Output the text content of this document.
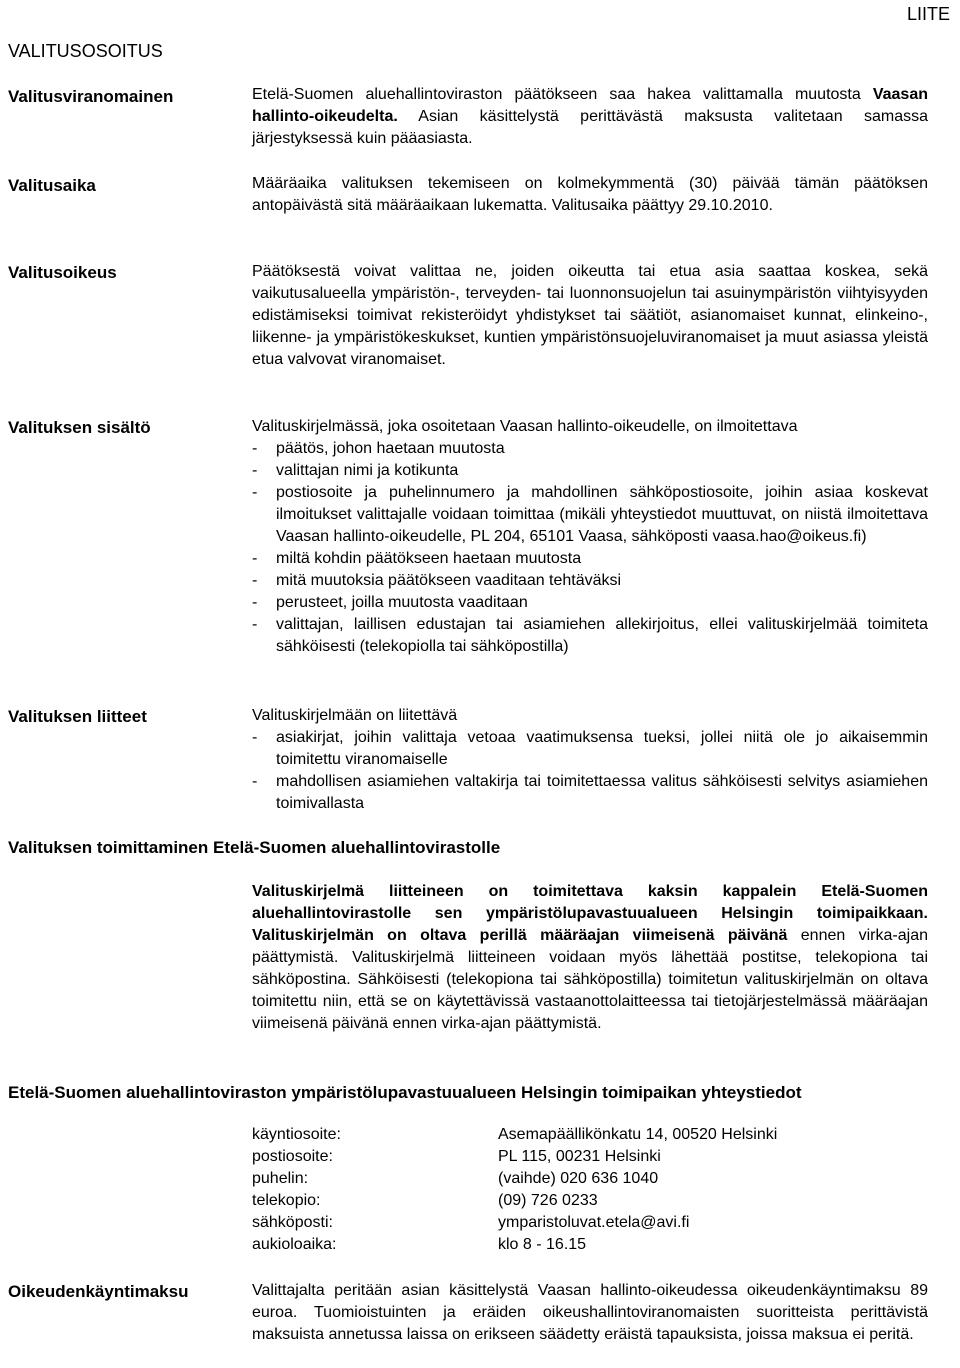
LIITE
VALITUSOSOITUS
Valitusviranomainen	Etelä-Suomen aluehallintoviraston päätökseen saa hakea valittamalla muutosta Vaasan hallinto-oikeudelta. Asian käsittelystä perittävästä maksusta valitetaan samassa järjestyksessä kuin pääasiasta.
Valitusaika	Määräaika valituksen tekemiseen on kolmekymmentä (30) päivää tämän päätöksen antopäivästä sitä määräaikaan lukematta. Valitusaika päättyy 29.10.2010.
Valitusoikeus	Päätöksestä voivat valittaa ne, joiden oikeutta tai etua asia saattaa koskea, sekä vaikutusalueella ympäristön-, terveyden- tai luonnonsuojelun tai asuinympäristön viihtyisyyden edistämiseksi toimivat rekisteröidyt yhdistykset tai säätiöt, asianomaiset kunnat, elinkeino-, liikenne- ja ympäristökeskukset, kuntien ympäristönsuojeluviranomaiset ja muut asiassa yleistä etua valvovat viranomaiset.
Valituksen sisältö	Valituskirjelmässä, joka osoitetaan Vaasan hallinto-oikeudelle, on ilmoitettava
- päätös, johon haetaan muutosta
- valittajan nimi ja kotikunta
- postiosoite ja puhelinnumero ja mahdollinen sähköpostiosoite, joihin asiaa koskevat ilmoitukset valittajalle voidaan toimittaa (mikäli yhteystiedot muuttuvat, on niistä ilmoitettava Vaasan hallinto-oikeudelle, PL 204, 65101 Vaasa, sähköposti vaasa.hao@oikeus.fi)
- miltä kohdin päätökseen haetaan muutosta
- mitä muutoksia päätökseen vaaditaan tehtäväksi
- perusteet, joilla muutosta vaaditaan
- valittajan, laillisen edustajan tai asiamiehen allekirjoitus, ellei valituskirjelmää toimiteta sähköisesti (telekopiolla tai sähköpostilla)
Valituksen liitteet	Valituskirjelmään on liitettävä
- asiakirjat, joihin valittaja vetoaa vaatimuksensa tueksi, jollei niitä ole jo aikaisemmin toimitettu viranomaiselle
- mahdollisen asiamiehen valtakirja tai toimitettaessa valitus sähköisesti selvitys asiamiehen toimivallasta
Valituksen toimittaminen Etelä-Suomen aluehallintovirastolle
Valituskirjelmä liitteineen on toimitettava kaksin kappalein Etelä-Suomen aluehallintovirastolle sen ympäristölupavastuualueen Helsingin toimipaikkaan. Valituskirjelmän on oltava perillä määräajan viimeisenä päivänä ennen virka-ajan päättymistä. Valituskirjelmä liitteineen voidaan myös lähettää postitse, telekopiona tai sähköpostina. Sähköisesti (telekopiona tai sähköpostilla) toimitetun valituskirjelmän on oltava toimitettu niin, että se on käytettävissä vastaanottolaitteessa tai tietojärjestelmässä määräajan viimeisenä päivänä ennen virka-ajan päättymistä.
Etelä-Suomen aluehallintoviraston ympäristölupavastuualueen Helsingin toimipaikan yhteystiedot
käyntiosoite:	Asemapäällikönkatu 14, 00520 Helsinki
postiosoite:	PL 115, 00231 Helsinki
puhelin:	(vaihde) 020 636 1040
telekopio:	(09) 726 0233
sähköposti:	ymparistoluvat.etela@avi.fi
aukioloaika:	klo 8 - 16.15
Oikeudenkäyntimaksu	Valittajalta peritään asian käsittelystä Vaasan hallinto-oikeudessa oikeudenkäyntimaksu 89 euroa. Tuomioistuinten ja eräiden oikeushallintoviranomaisten suoritteista perittävistä maksuista annetussa laissa on erikseen säädetty eräistä tapauksista, joissa maksua ei peritä.
